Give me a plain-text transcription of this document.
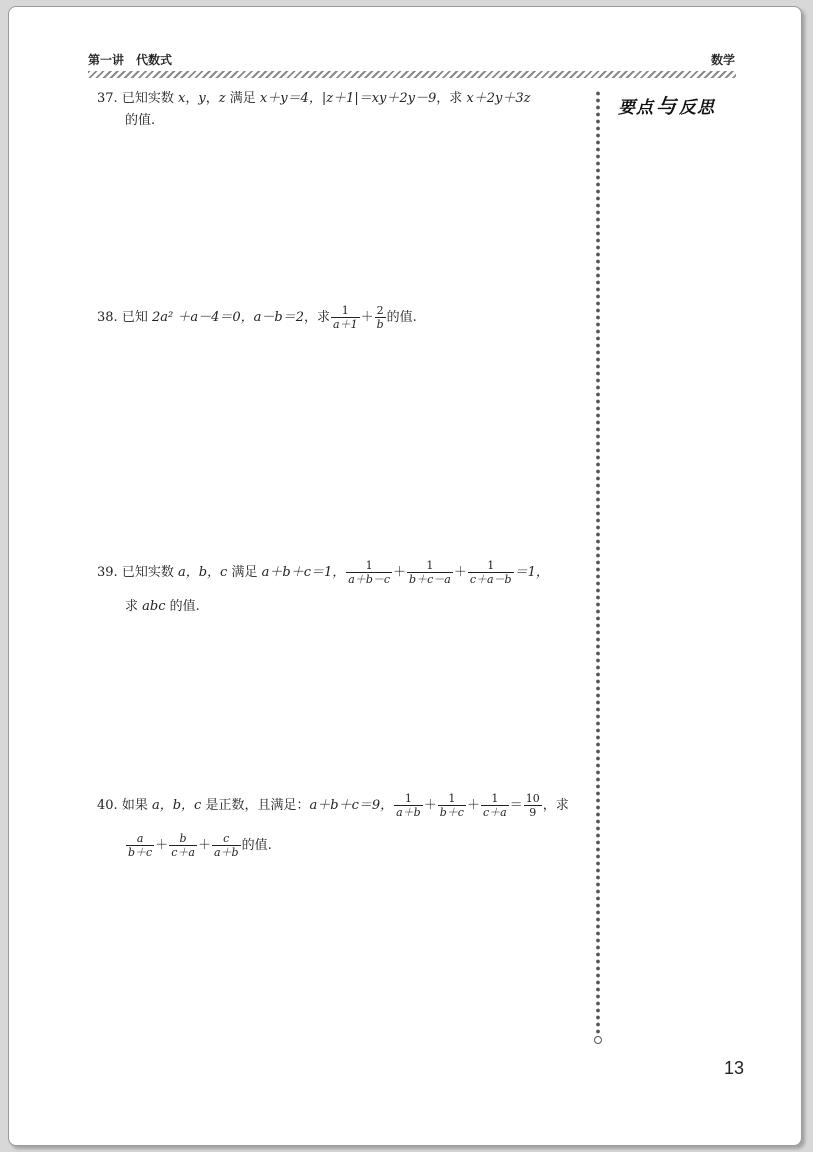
第一讲　代数式	数学
要点 与 反思
37. 已知实数 x，y，z 满足 x＋y＝4，|z＋1|＝xy＋2y－9，求 x＋2y＋3z
的值.
38. 已知 2a² ＋a－4＝0，a－b＝2，求 $\frac{1}{a+1} + \frac{2}{b}$ 的值.
39. 已知实数 a，b，c 满足 a＋b＋c＝1， $\frac{1}{a+b-c} + \frac{1}{b+c-a} + \frac{1}{c+a-b} =1$，
求 abc 的值.
40. 如果 a，b，c 是正数，且满足：a＋b＋c＝9， $\frac{1}{a+b} + \frac{1}{b+c} + \frac{1}{c+a} = \frac{10}{9}$ ，求
$\frac{a}{b+c} + \frac{b}{c+a} + \frac{c}{a+b}$ 的值.
13
